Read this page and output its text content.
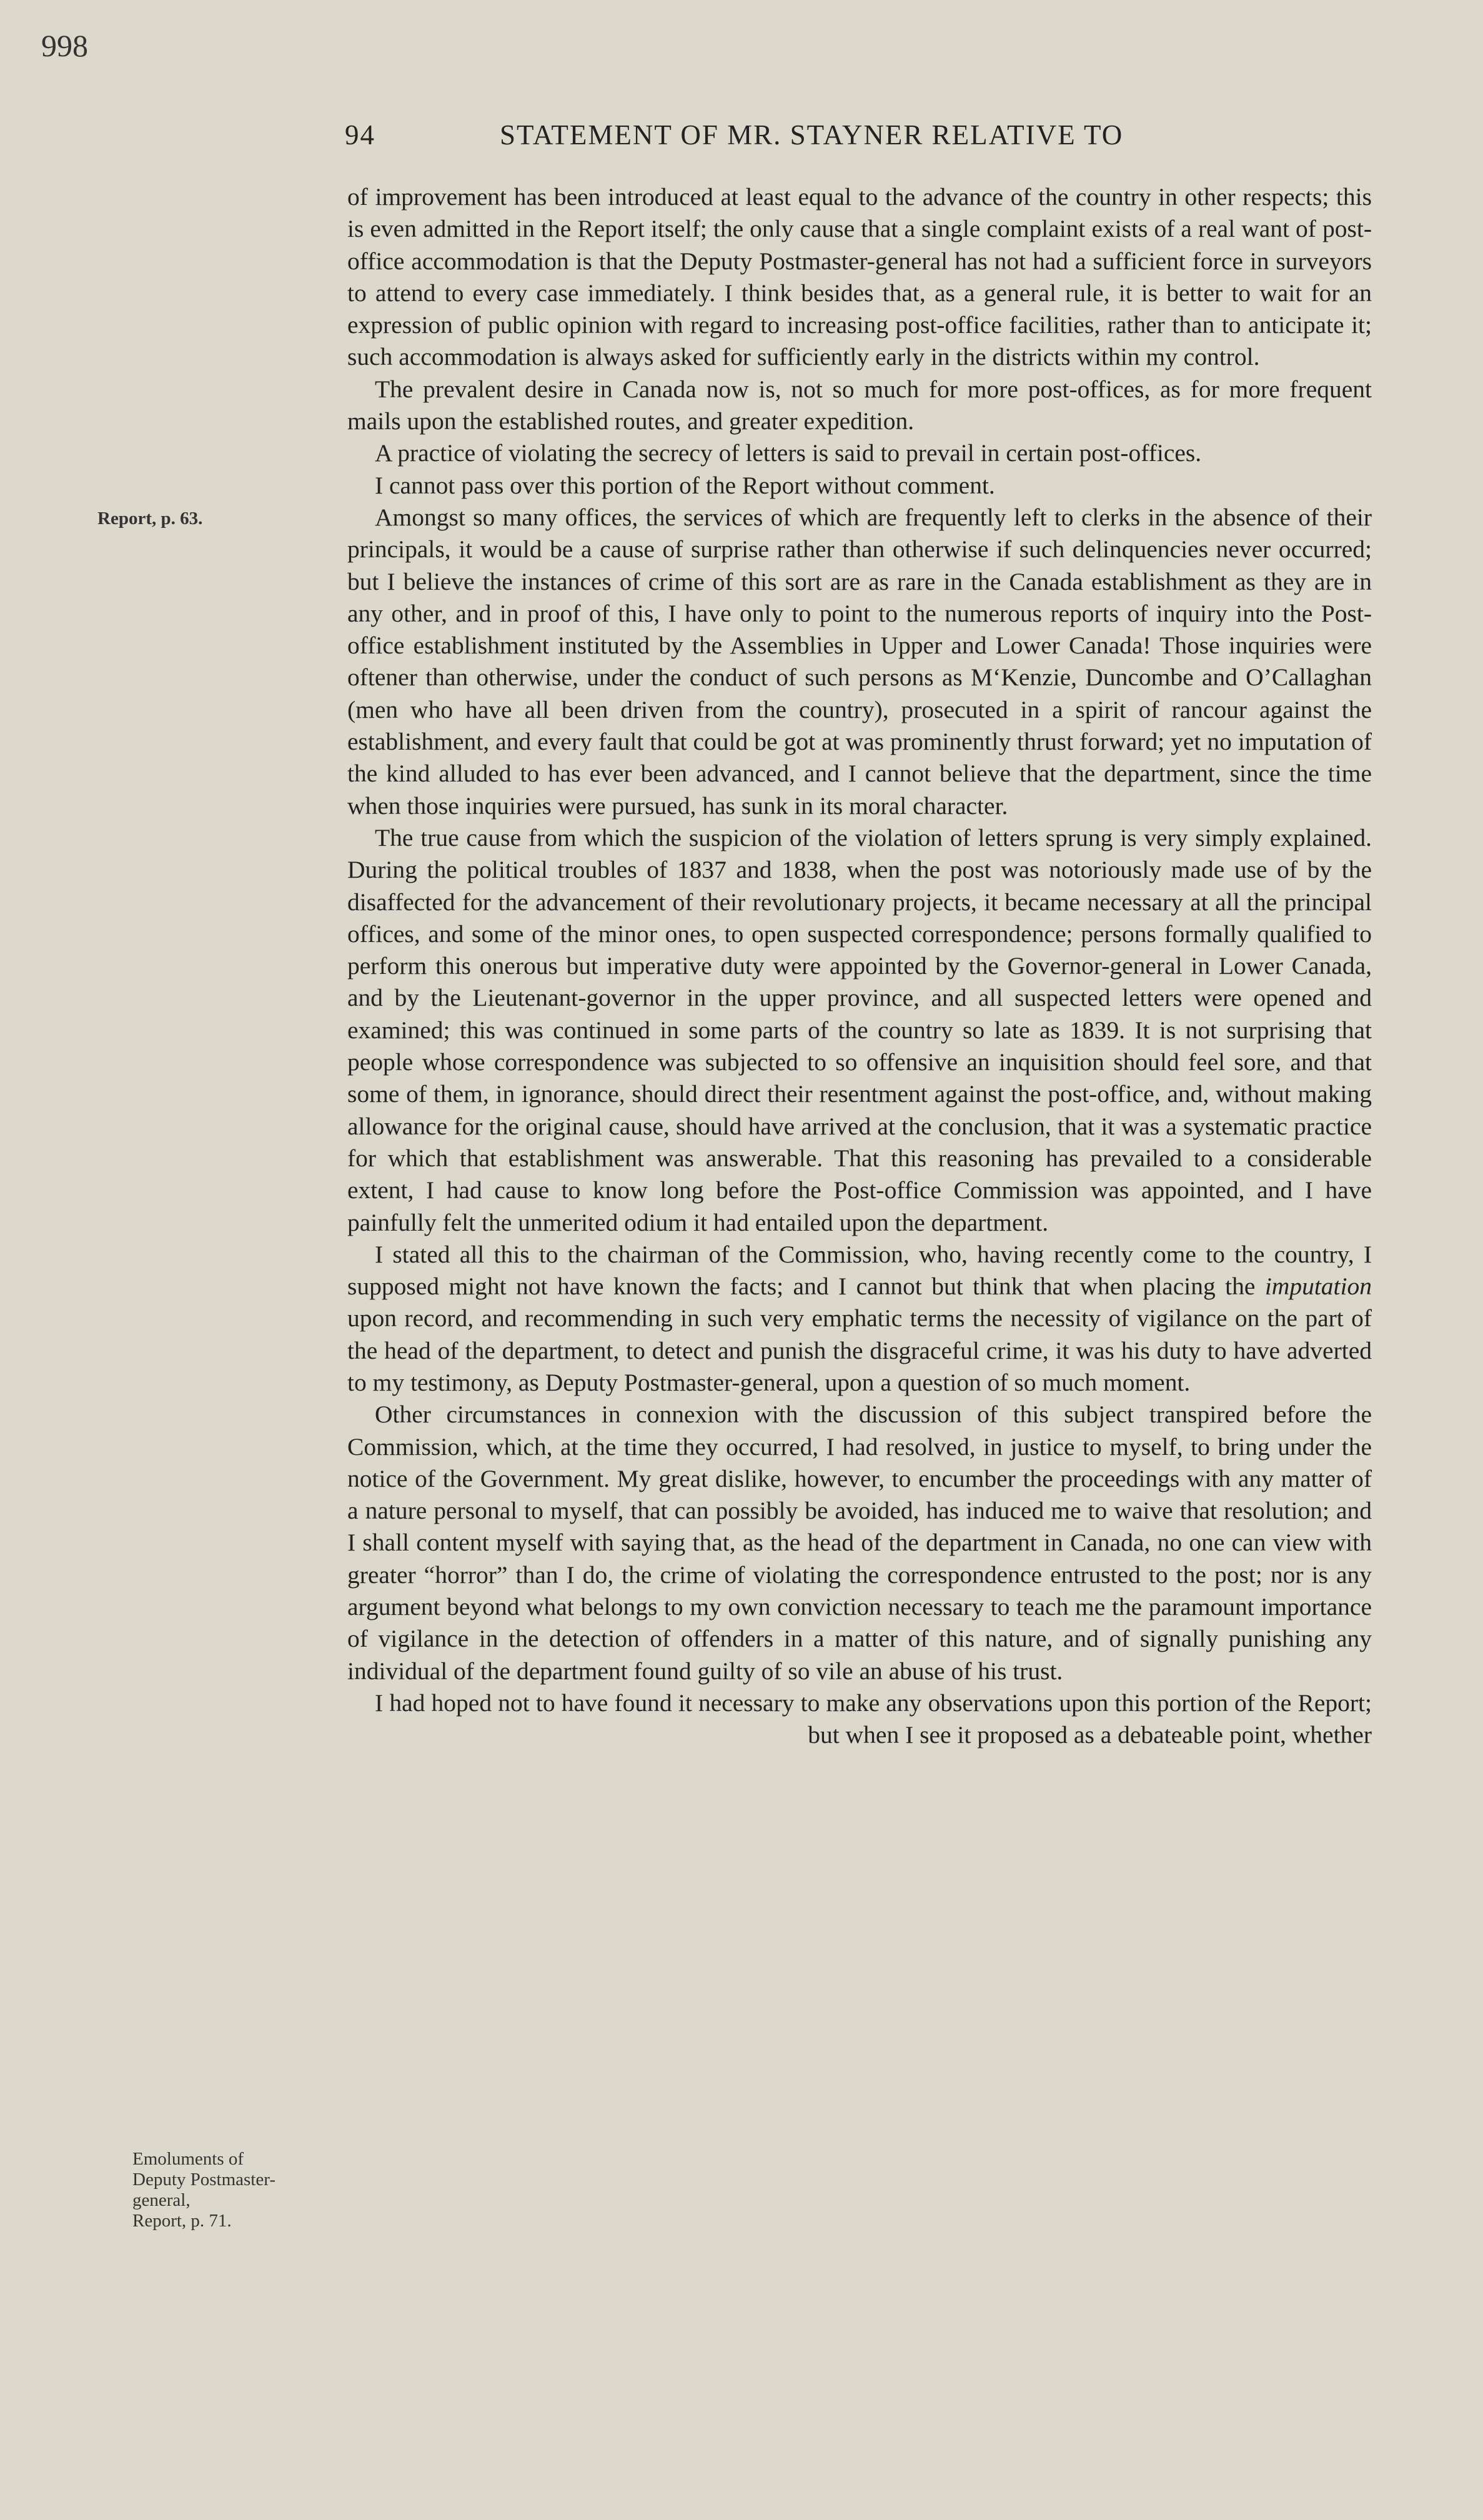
998
94	STATEMENT OF MR. STAYNER RELATIVE TO
Report, p. 63.
Emoluments of
Deputy Postmaster-
general,
Report, p. 71.

of improvement has been introduced at least equal to the advance of the country in other respects; this is even admitted in the Report itself; the only cause that a single complaint exists of a real want of post-office accommodation is that the Deputy Postmaster-general has not had a sufficient force in surveyors to attend to every case immediately. I think besides that, as a general rule, it is better to wait for an expression of public opinion with regard to increasing post-office facilities, rather than to anticipate it; such accommodation is always asked for sufficiently early in the districts within my control.

The prevalent desire in Canada now is, not so much for more post-offices, as for more frequent mails upon the established routes, and greater expedition.

A practice of violating the secrecy of letters is said to prevail in certain post-offices.

I cannot pass over this portion of the Report without comment.

Amongst so many offices, the services of which are frequently left to clerks in the absence of their principals, it would be a cause of surprise rather than otherwise if such delinquencies never occurred; but I believe the instances of crime of this sort are as rare in the Canada establishment as they are in any other, and in proof of this, I have only to point to the numerous reports of inquiry into the Post-office establishment instituted by the Assemblies in Upper and Lower Canada! Those inquiries were oftener than otherwise, under the conduct of such persons as M‘Kenzie, Duncombe and O’Callaghan (men who have all been driven from the country), prosecuted in a spirit of rancour against the establishment, and every fault that could be got at was prominently thrust forward; yet no imputation of the kind alluded to has ever been advanced, and I cannot believe that the department, since the time when those inquiries were pursued, has sunk in its moral character.

The true cause from which the suspicion of the violation of letters sprung is very simply explained. During the political troubles of 1837 and 1838, when the post was notoriously made use of by the disaffected for the advancement of their revolutionary projects, it became necessary at all the principal offices, and some of the minor ones, to open suspected correspondence; persons formally qualified to perform this onerous but imperative duty were appointed by the Governor-general in Lower Canada, and by the Lieutenant-governor in the upper province, and all suspected letters were opened and examined; this was continued in some parts of the country so late as 1839. It is not surprising that people whose correspondence was subjected to so offensive an inquisition should feel sore, and that some of them, in ignorance, should direct their resentment against the post-office, and, without making allowance for the original cause, should have arrived at the conclusion, that it was a systematic practice for which that establishment was answerable. That this reasoning has prevailed to a considerable extent, I had cause to know long before the Post-office Commission was appointed, and I have painfully felt the unmerited odium it had entailed upon the department.

I stated all this to the chairman of the Commission, who, having recently come to the country, I supposed might not have known the facts; and I cannot but think that when placing the imputation upon record, and recommending in such very emphatic terms the necessity of vigilance on the part of the head of the department, to detect and punish the disgraceful crime, it was his duty to have adverted to my testimony, as Deputy Postmaster-general, upon a question of so much moment.

Other circumstances in connexion with the discussion of this subject transpired before the Commission, which, at the time they occurred, I had resolved, in justice to myself, to bring under the notice of the Government. My great dislike, however, to encumber the proceedings with any matter of a nature personal to myself, that can possibly be avoided, has induced me to waive that resolution; and I shall content myself with saying that, as the head of the department in Canada, no one can view with greater “horror” than I do, the crime of violating the correspondence entrusted to the post; nor is any argument beyond what belongs to my own conviction necessary to teach me the paramount importance of vigilance in the detection of offenders in a matter of this nature, and of signally punishing any individual of the department found guilty of so vile an abuse of his trust.

I had hoped not to have found it necessary to make any observations upon this portion of the Report; but when I see it proposed as a debateable point, whether
